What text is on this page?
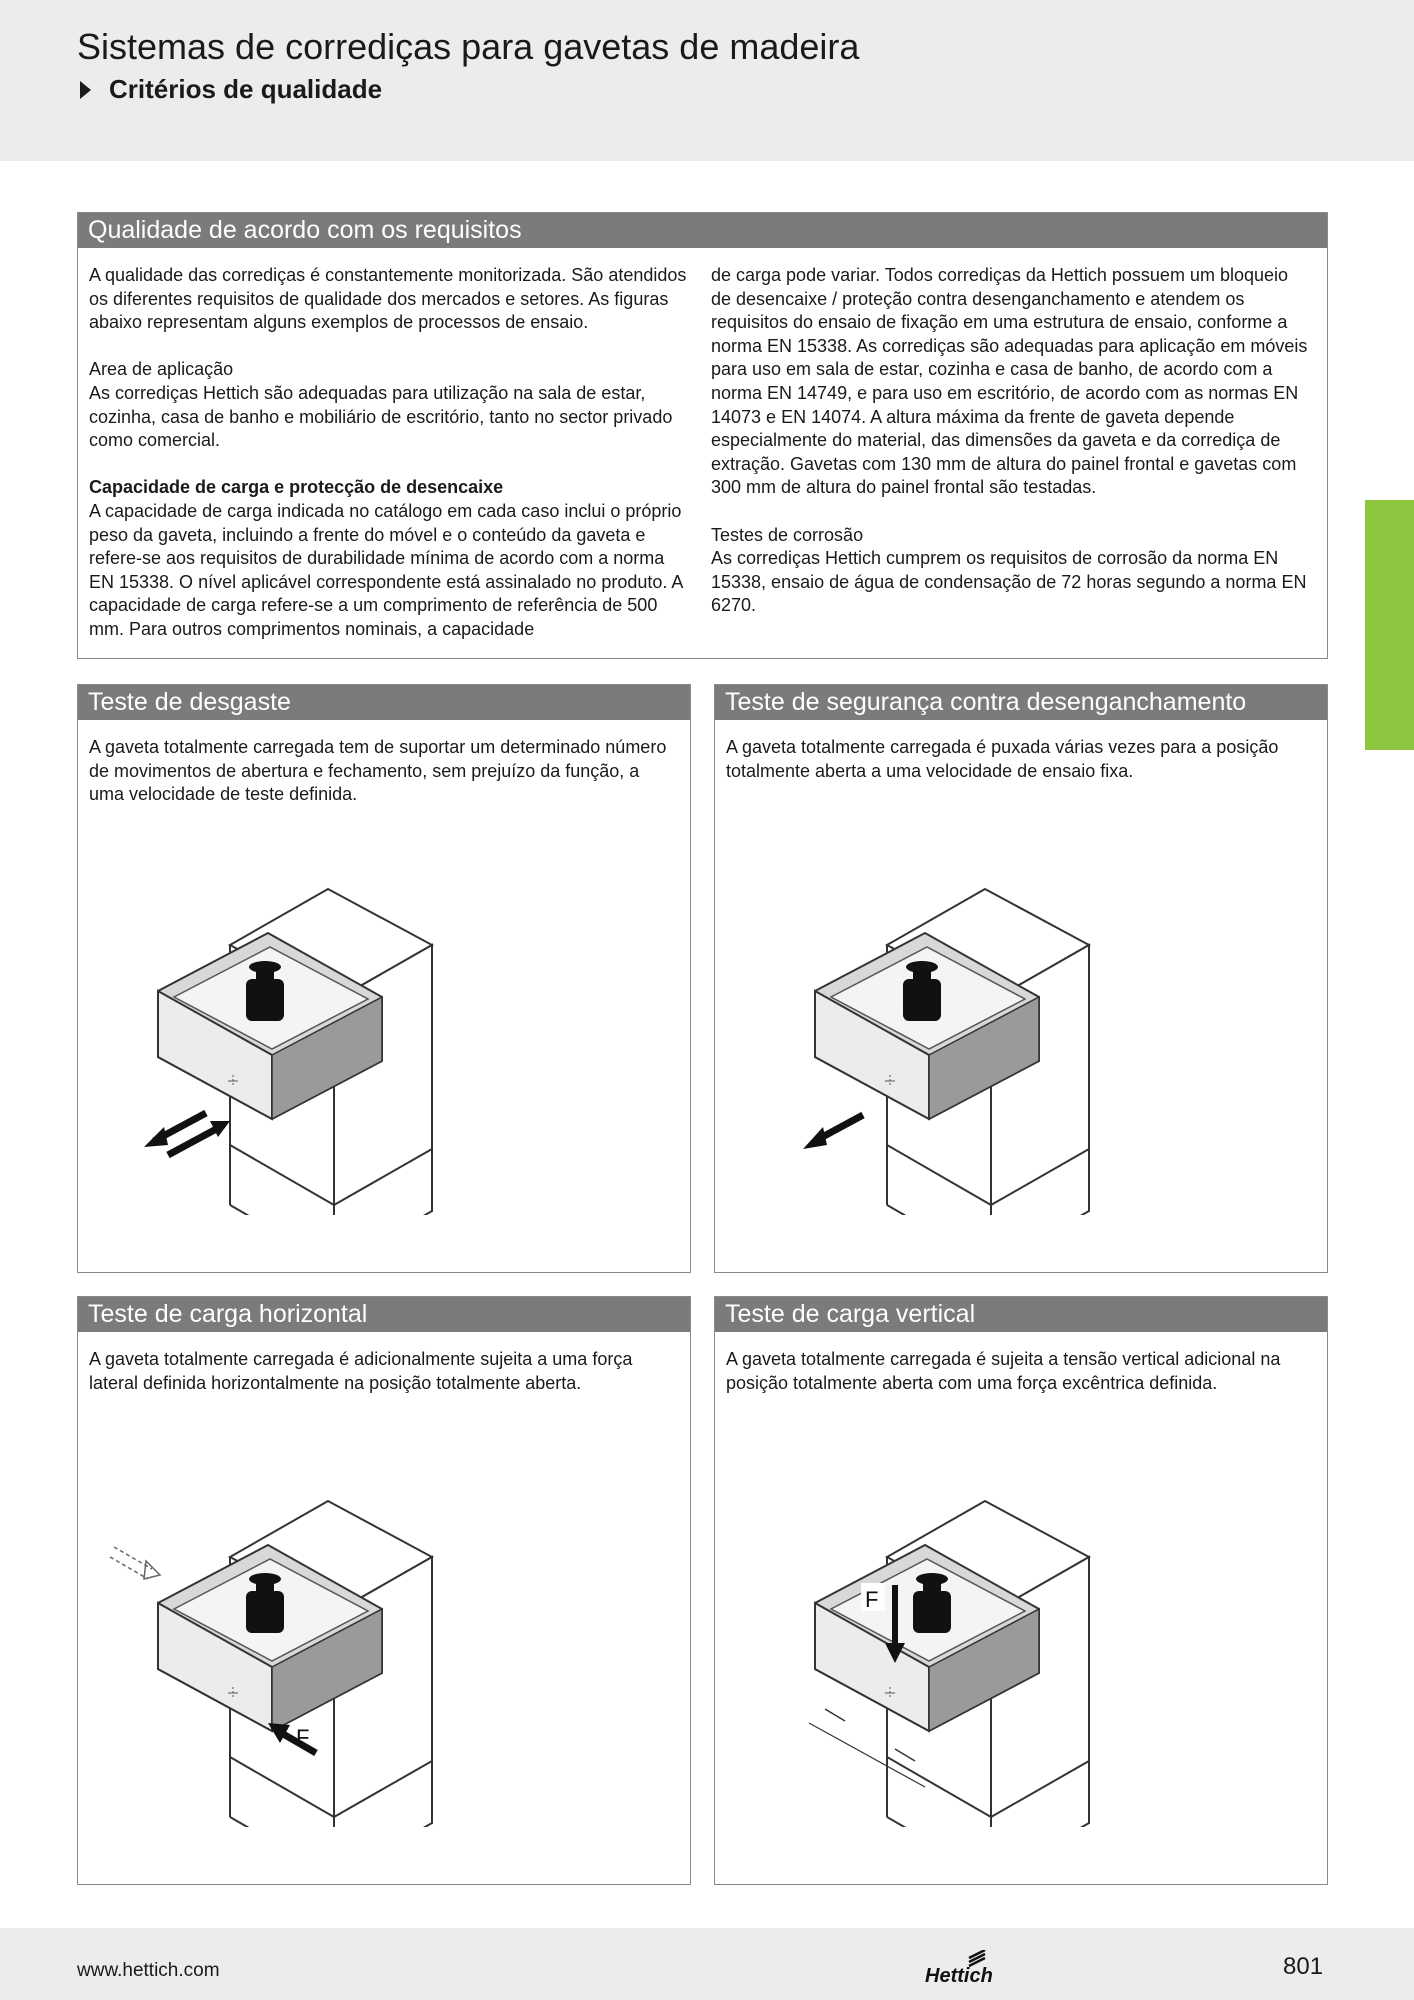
Sistemas de corrediças para gavetas de madeira
Critérios de qualidade
Qualidade de acordo com os requisitos

A qualidade das corrediças é constantemente monitorizada. São atendidos os diferentes requisitos de qualidade dos mercados e setores. As figuras abaixo representam alguns exemplos de processos de ensaio.

Area de aplicação
As corrediças Hettich são adequadas para utilização na sala de estar, cozinha, casa de banho e mobiliário de escritório, tanto no sector privado como comercial.
Capacidade de carga e protecção de desencaixe
A capacidade de carga indicada no catálogo em cada caso inclui o próprio peso da gaveta, incluindo a frente do móvel e o conteúdo da gaveta e refere-se aos requisitos de durabilidade mínima de acordo com a norma EN 15338. O nível aplicável correspondente está assinalado no produto. A capacidade de carga refere-se a um comprimento de referência de 500 mm. Para outros comprimentos nominais, a capacidade

de carga pode variar. Todos corrediças da Hettich possuem um bloqueio de desencaixe / proteção contra desenganchamento e atendem os requisitos do ensaio de fixação em uma estrutura de ensaio, conforme a norma EN 15338. As corrediças são adequadas para aplicação em móveis para uso em sala de estar, cozinha e casa de banho, de acordo com a norma EN 14749, e para uso em escritório, de acordo com as normas EN 14073 e EN 14074. A altura máxima da frente de gaveta depende especialmente do material, das dimensões da gaveta e da corrediça de extração. Gavetas com 130 mm de altura do painel frontal e gavetas com 300 mm de altura do painel frontal são testadas.

Testes de corrosão
As corrediças Hettich cumprem os requisitos de corrosão da norma EN 15338, ensaio de água de condensação de 72 horas segundo a norma EN 6270.
Teste de desgaste

A gaveta totalmente carregada tem de suportar um determinado número de movimentos de abertura e fechamento, sem prejuízo da função, a uma velocidade de teste definida.

Teste de segurança contra desenganchamento

A gaveta totalmente carregada é puxada várias vezes para a posição totalmente aberta a uma velocidade de ensaio fixa.

Teste de carga horizontal

A gaveta totalmente carregada é adicionalmente sujeita a uma força lateral definida horizontalmente na posição totalmente aberta.

F
Teste de carga vertical

A gaveta totalmente carregada é sujeita a tensão vertical adicional na posição totalmente aberta com uma força excêntrica definida.

F
www.hettich.com	Hettich	801
